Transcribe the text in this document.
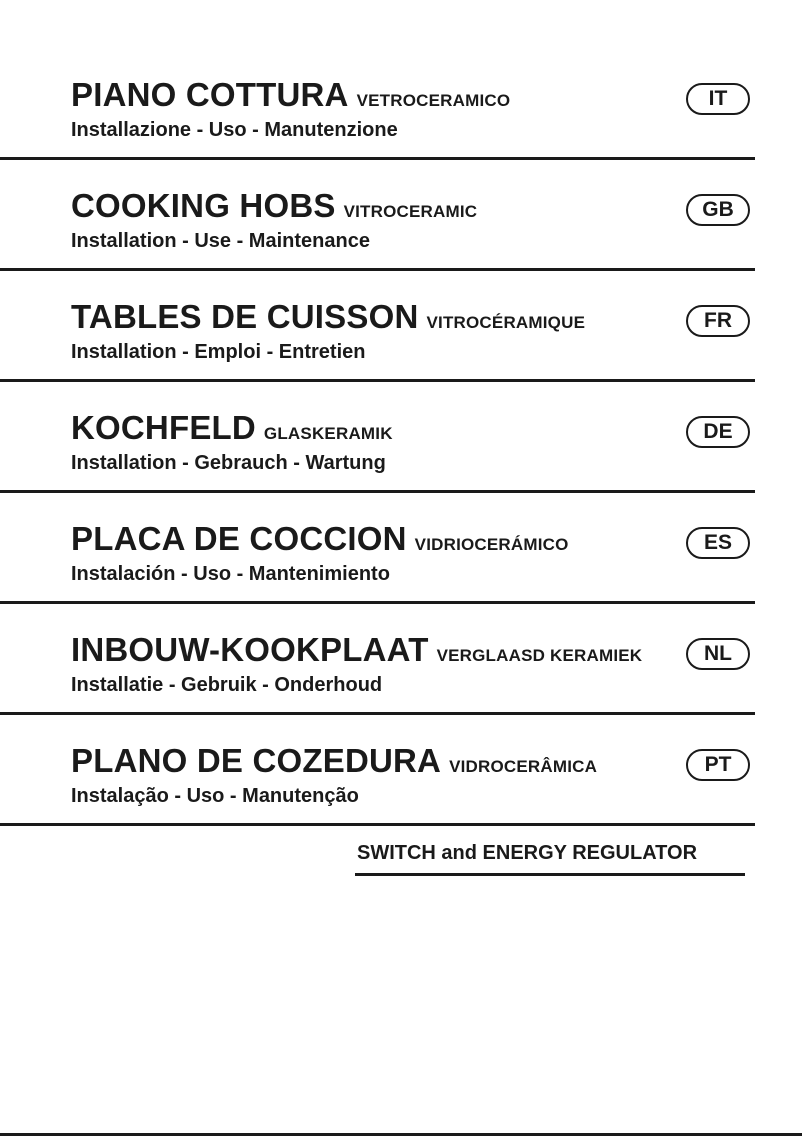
PIANO COTTURA VETROCERAMICO
Installazione - Uso - Manutenzione
IT
COOKING HOBS VITROCERAMIC
Installation - Use - Maintenance
GB
TABLES DE CUISSON VITROCÉRAMIQUE
Installation - Emploi - Entretien
FR
KOCHFELD GLASKERAMIK
Installation - Gebrauch - Wartung
DE
PLACA DE COCCION VIDRIOCERÁMICO
Instalación - Uso - Mantenimiento
ES
INBOUW-KOOKPLAAT VERGLAASD KERAMIEK
Installatie - Gebruik - Onderhoud
NL
PLANO DE COZEDURA VIDROCERÂMICA
Instalação - Uso - Manutenção
PT
SWITCH and ENERGY REGULATOR
